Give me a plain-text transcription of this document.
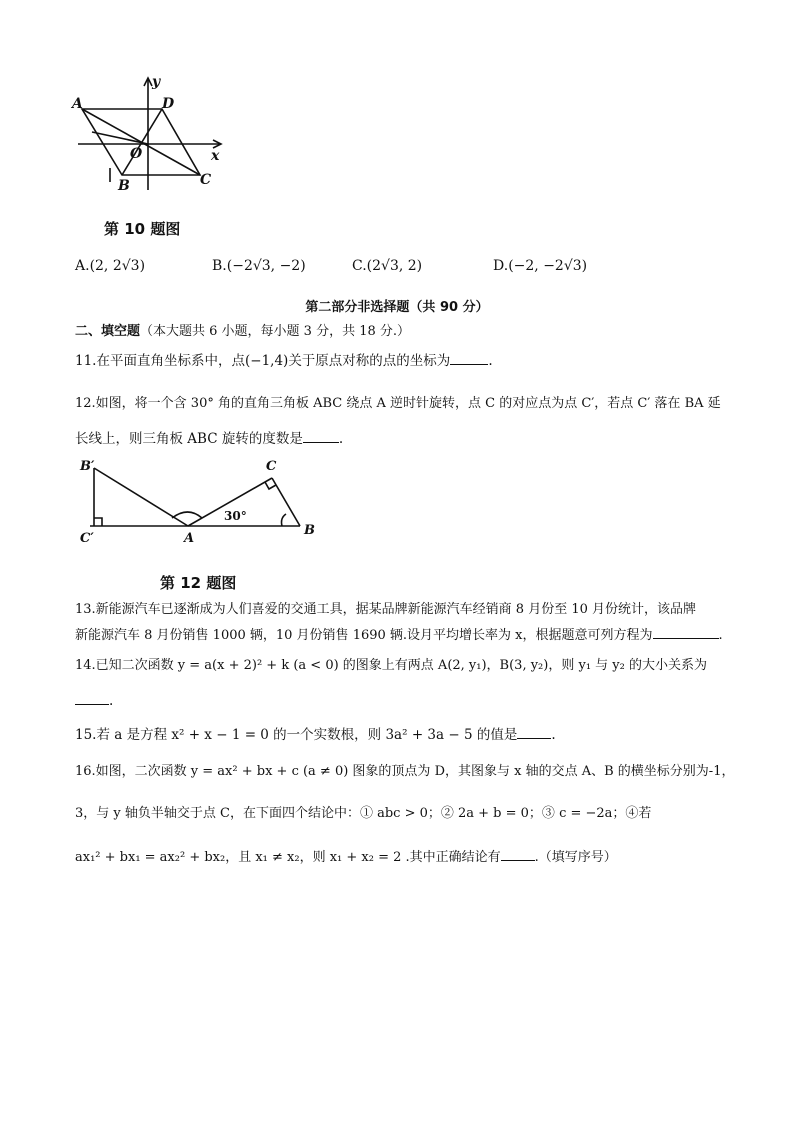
y
x
A	D
O
B	C
第 10 题图
A.(2, 2√3)	B.(−2√3, −2)	C.(2√3, 2)	D.(−2, −2√3)
第二部分非选择题（共 90 分）
二、填空题（本大题共 6 小题，每小题 3 分，共 18 分.）
11.在平面直角坐标系中，点(−1,4)关于原点对称的点的坐标为	.
12.如图，将一个含 30° 角的直角三角板 ABC 绕点 A 逆时针旋转，点 C 的对应点为点 C′，若点 C′ 落在 BA 延
长线上，则三角板 ABC 旋转的度数是	.
B′	C
30°
C′	A
B
第 12 题图
13.新能源汽车已逐渐成为人们喜爱的交通工具，据某品牌新能源汽车经销商 8 月份至 10 月份统计，该品牌
新能源汽车 8 月份销售 1000 辆，10 月份销售 1690 辆.设月平均增长率为 x，根据题意可列方程为	.
14.已知二次函数 y = a(x + 2)² + k (a < 0) 的图象上有两点 A(2, y₁)，B(3, y₂)，则 y₁ 与 y₂ 的大小关系为
.
15.若 a 是方程 x² + x − 1 = 0 的一个实数根，则 3a² + 3a − 5 的值是	.
16.如图，二次函数 y = ax² + bx + c (a ≠ 0) 图象的顶点为 D，其图象与 x 轴的交点 A、B 的横坐标分别为-1，
3，与 y 轴负半轴交于点 C，在下面四个结论中：① abc > 0；② 2a + b = 0；③ c = −2a；④若
ax₁² + bx₁ = ax₂² + bx₂，且 x₁ ≠ x₂，则 x₁ + x₂ = 2 .其中正确结论有	.（填写序号）
